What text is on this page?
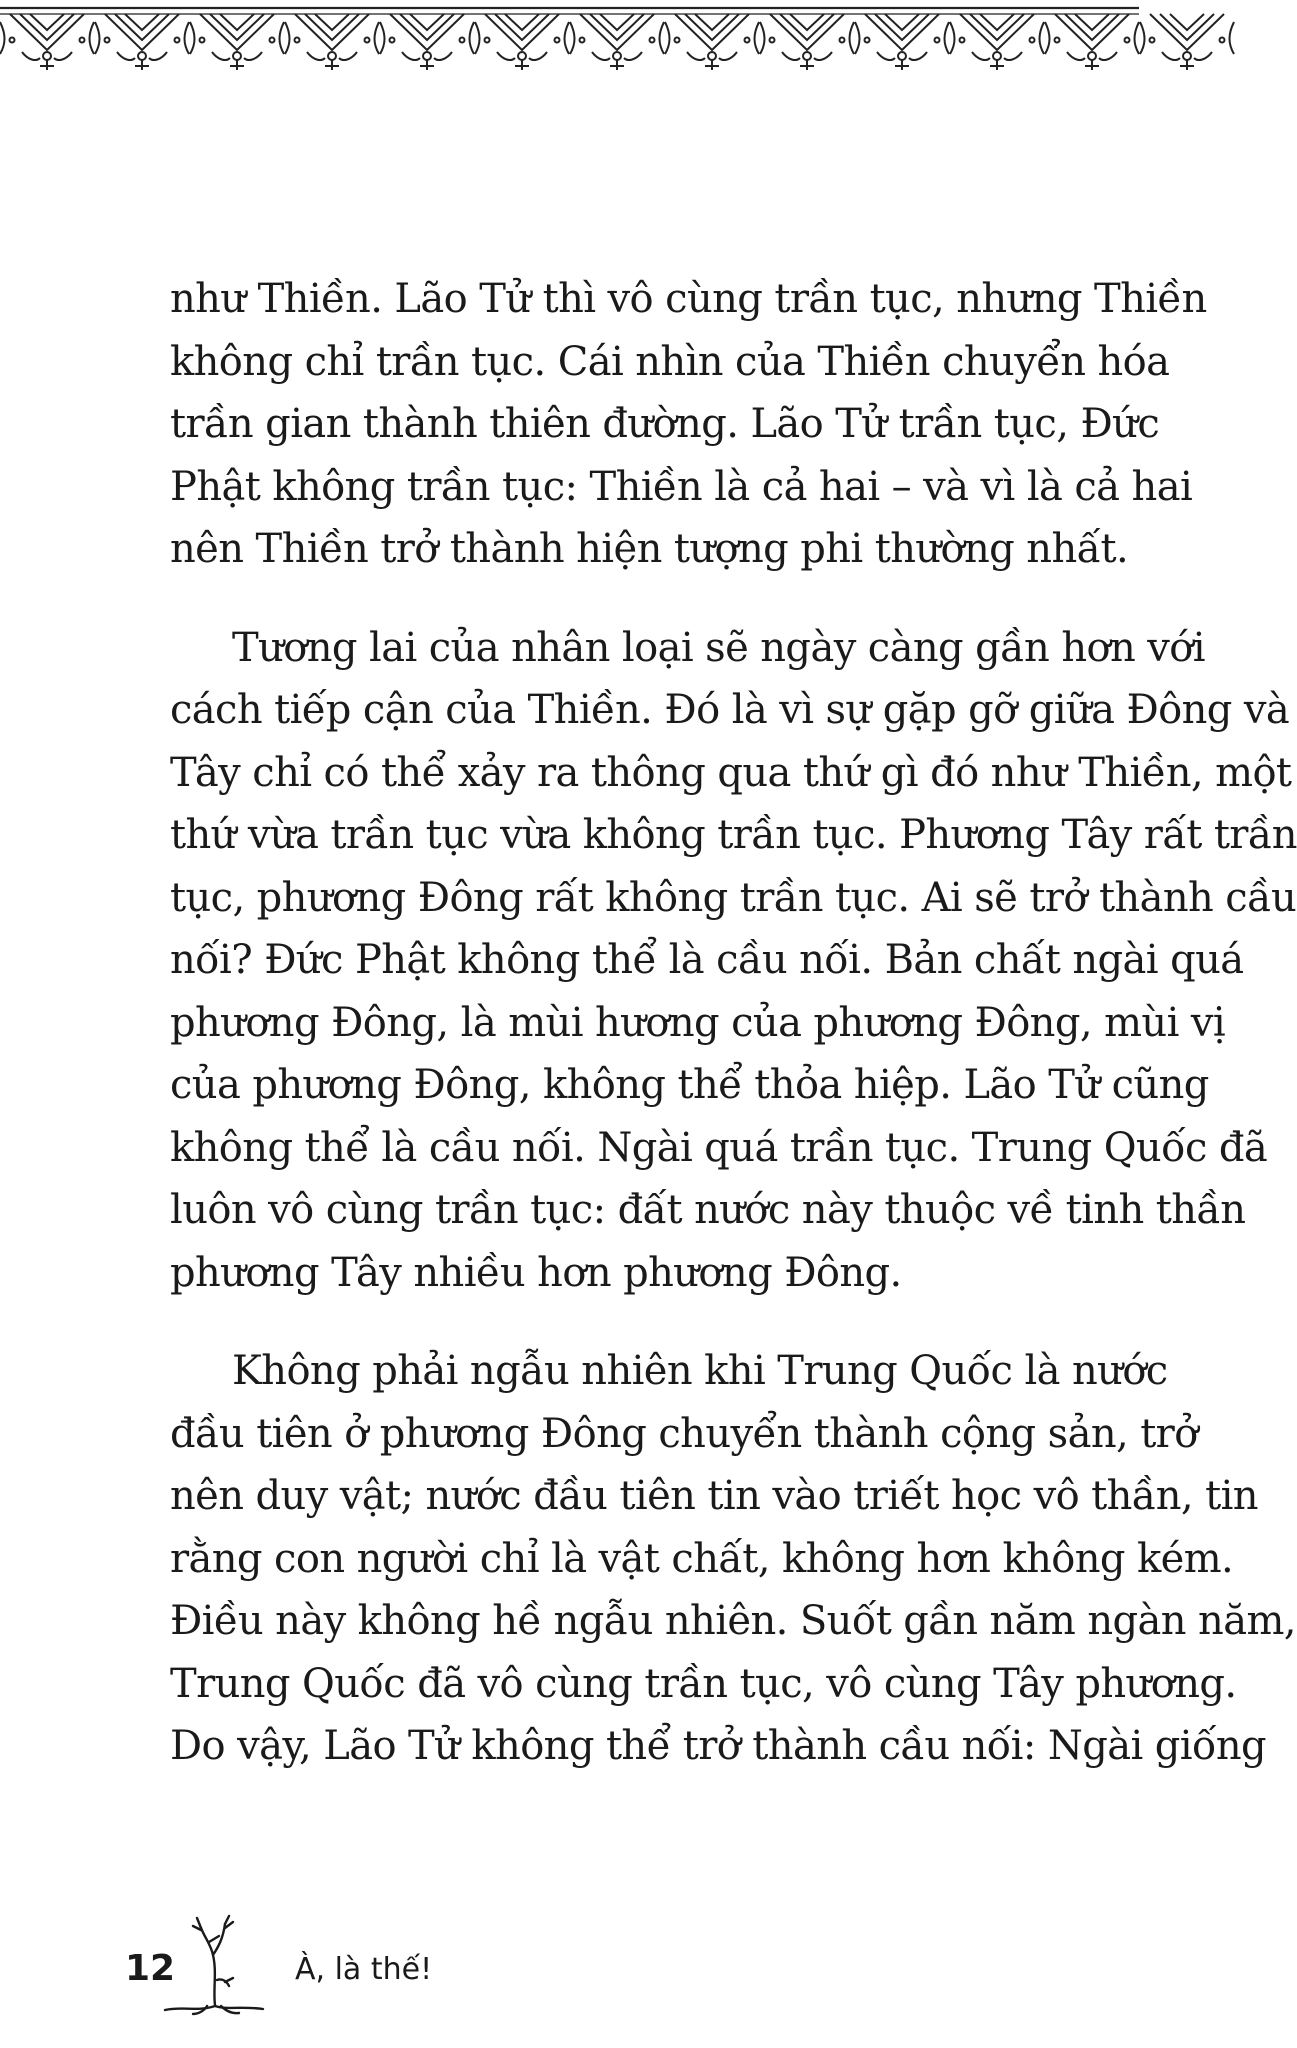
như Thiền. Lão Tử thì vô cùng trần tục, nhưng Thiền
không chỉ trần tục. Cái nhìn của Thiền chuyển hóa
trần gian thành thiên đường. Lão Tử trần tục, Đức
Phật không trần tục: Thiền là cả hai – và vì là cả hai
nên Thiền trở thành hiện tượng phi thường nhất.
Tương lai của nhân loại sẽ ngày càng gần hơn với
cách tiếp cận của Thiền. Đó là vì sự gặp gỡ giữa Đông và
Tây chỉ có thể xảy ra thông qua thứ gì đó như Thiền, một
thứ vừa trần tục vừa không trần tục. Phương Tây rất trần
tục, phương Đông rất không trần tục. Ai sẽ trở thành cầu
nối? Đức Phật không thể là cầu nối. Bản chất ngài quá
phương Đông, là mùi hương của phương Đông, mùi vị
của phương Đông, không thể thỏa hiệp. Lão Tử cũng
không thể là cầu nối. Ngài quá trần tục. Trung Quốc đã
luôn vô cùng trần tục: đất nước này thuộc về tinh thần
phương Tây nhiều hơn phương Đông.
Không phải ngẫu nhiên khi Trung Quốc là nước
đầu tiên ở phương Đông chuyển thành cộng sản, trở
nên duy vật; nước đầu tiên tin vào triết học vô thần, tin
rằng con người chỉ là vật chất, không hơn không kém.
Điều này không hề ngẫu nhiên. Suốt gần năm ngàn năm,
Trung Quốc đã vô cùng trần tục, vô cùng Tây phương.
Do vậy, Lão Tử không thể trở thành cầu nối: Ngài giống
12	À, là thế!
